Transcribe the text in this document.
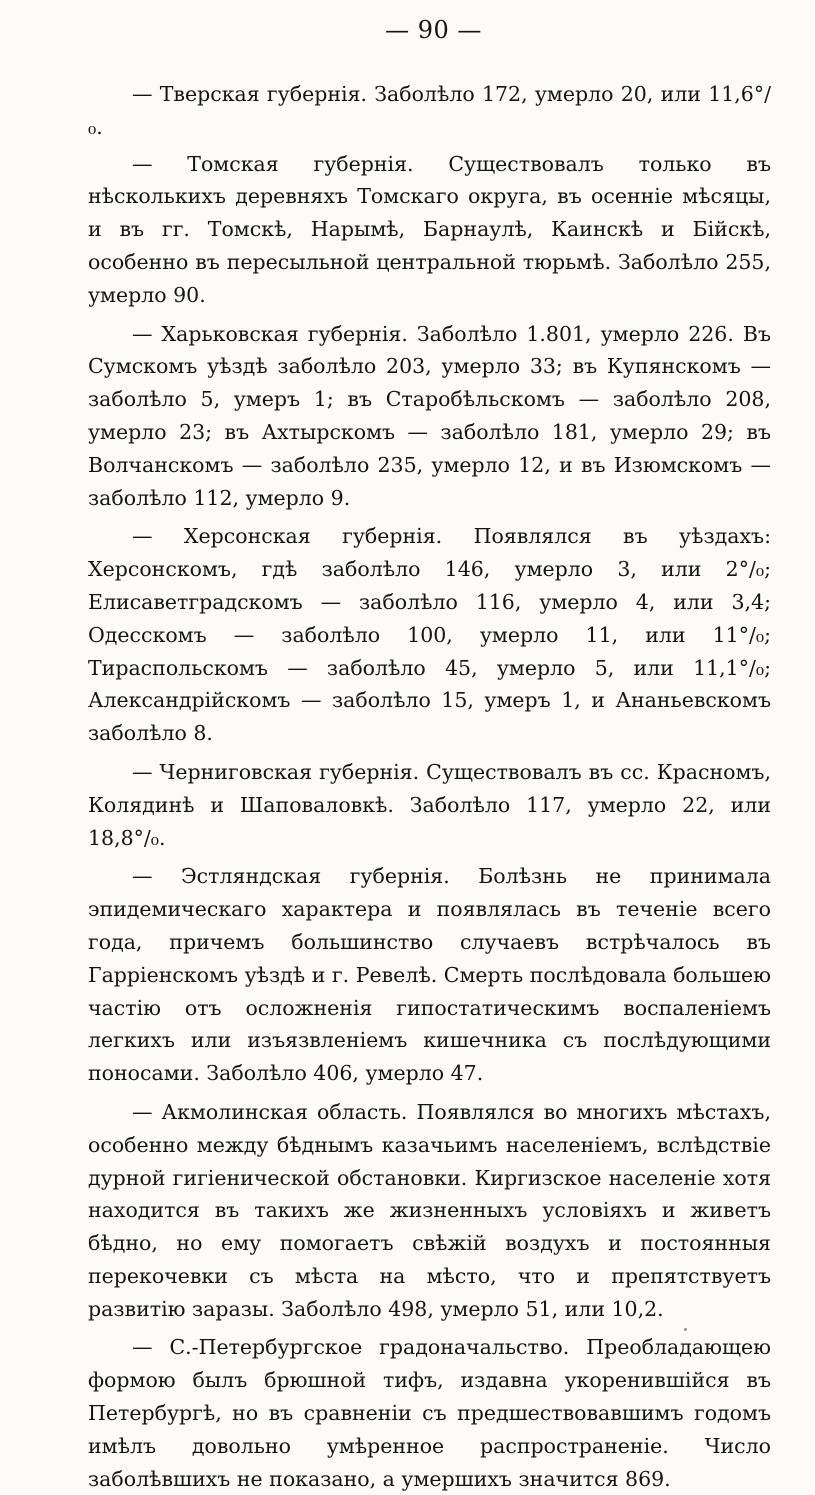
— 90 —

— Тверская губернія. Заболѣло 172, умерло 20, или 11,6°/₀.

— Томская губернія. Существовалъ только въ нѣсколькихъ деревняхъ Томскаго округа, въ осенніе мѣсяцы, и въ гг. Томскѣ, Нарымѣ, Барнаулѣ, Каинскѣ и Бійскѣ, особенно въ пересыльной центральной тюрьмѣ. Заболѣло 255, умерло 90.

— Харьковская губернія. Заболѣло 1.801, умерло 226. Въ Сумскомъ уѣздѣ заболѣло 203, умерло 33; въ Купянскомъ — заболѣло 5, умеръ 1; въ Старобѣльскомъ — заболѣло 208, умерло 23; въ Ахтырскомъ — заболѣло 181, умерло 29; въ Волчанскомъ — заболѣло 235, умерло 12, и въ Изюмскомъ — заболѣло 112, умерло 9.

— Херсонская губернія. Появлялся въ уѣздахъ: Херсонскомъ, гдѣ заболѣло 146, умерло 3, или 2°/₀; Елисаветградскомъ — заболѣло 116, умерло 4, или 3,4; Одесскомъ — заболѣло 100, умерло 11, или 11°/₀; Тираспольскомъ — заболѣло 45, умерло 5, или 11,1°/₀; Александрійскомъ — заболѣло 15, умеръ 1, и Ананьевскомъ заболѣло 8.

— Черниговская губернія. Существовалъ въ сс. Красномъ, Колядинѣ и Шаповаловкѣ. Заболѣло 117, умерло 22, или 18,8°/₀.

— Эстляндская губернія. Болѣзнь не принимала эпидемическаго характера и появлялась въ теченіе всего года, причемъ большинство случаевъ встрѣчалось въ Гарріенскомъ уѣздѣ и г. Ревелѣ. Смерть послѣдовала большею частію отъ осложненія гипостатическимъ воспаленіемъ легкихъ или изъязвленіемъ кишечника съ послѣдующими поносами. Заболѣло 406, умерло 47.

— Акмолинская область. Появлялся во многихъ мѣстахъ, особенно между бѣднымъ казачьимъ населеніемъ, вслѣдствіе дурной гигіенической обстановки. Киргизское населеніе хотя находится въ такихъ же жизненныхъ условіяхъ и живетъ бѣдно, но ему помогаетъ свѣжій воздухъ и постоянныя перекочевки съ мѣста на мѣсто, что и препятствуетъ развитію заразы. Заболѣло 498, умерло 51, или 10,2.

— С.-Петербургское градоначальство. Преобладающею формою былъ брюшной тифъ, издавна укоренившійся въ Петербургѣ, но въ сравненіи съ предшествовавшимъ годомъ имѣлъ довольно умѣренное распространеніе. Число заболѣвшихъ не показано, а умершихъ значится 869.
